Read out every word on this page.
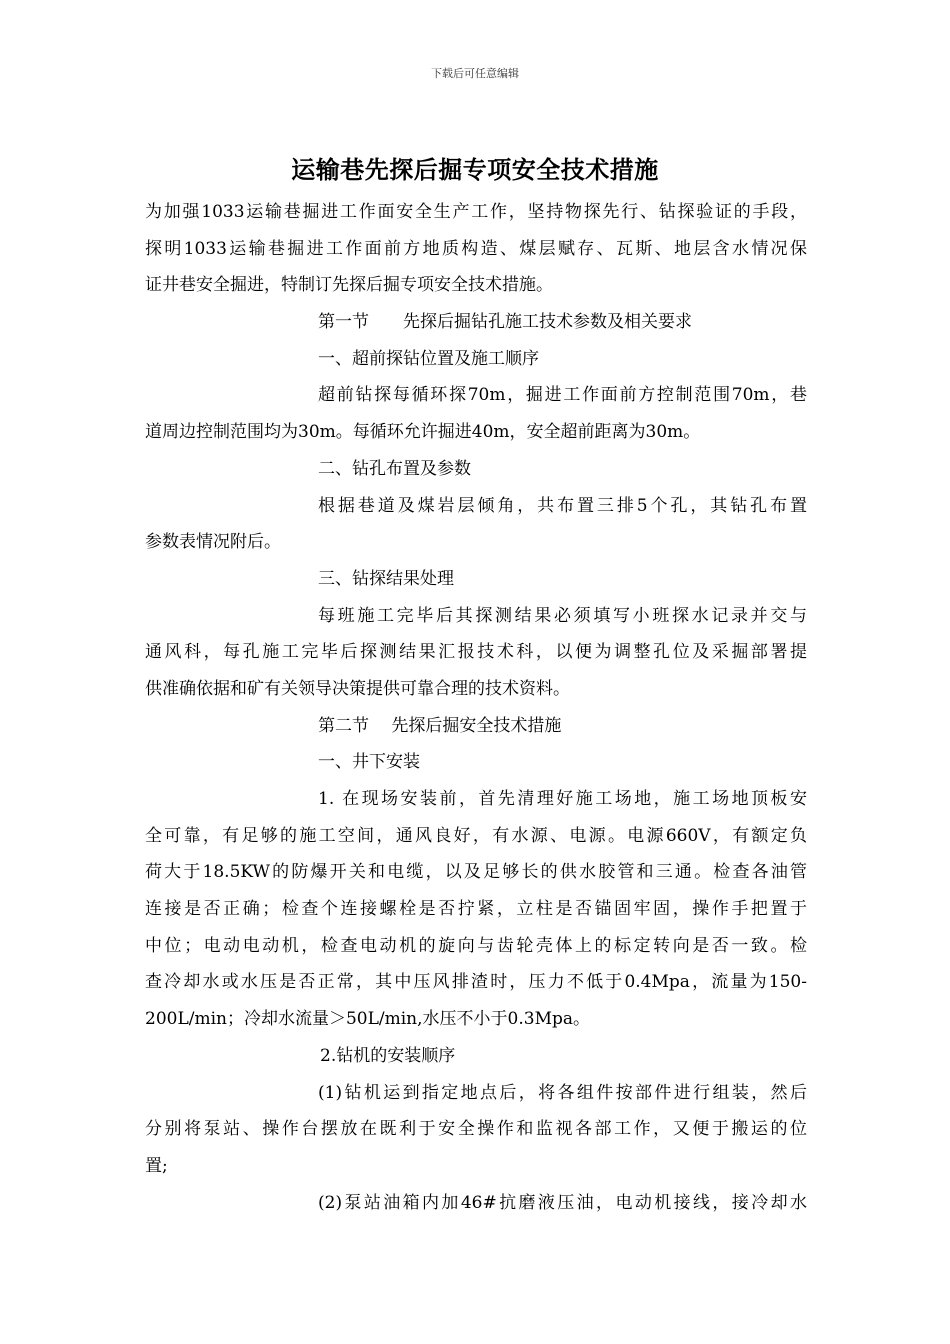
下载后可任意编辑
运输巷先探后掘专项安全技术措施
为加强1033运输巷掘进工作面安全生产工作，坚持物探先行、钻探验证的手段，
探明1033运输巷掘进工作面前方地质构造、煤层赋存、瓦斯、地层含水情况保
证井巷安全掘进，特制订先探后掘专项安全技术措施。
第一节　　先探后掘钻孔施工技术参数及相关要求
一、超前探钻位置及施工顺序
超前钻探每循环探70m，掘进工作面前方控制范围70m，巷
道周边控制范围均为30m。每循环允许掘进40m，安全超前距离为30m。
二、钻孔布置及参数
根据巷道及煤岩层倾角，共布置三排5个孔，其钻孔布置
参数表情况附后。
三、钻探结果处理
每班施工完毕后其探测结果必须填写小班探水记录并交与
通风科，每孔施工完毕后探测结果汇报技术科，以便为调整孔位及采掘部署提
供准确依据和矿有关领导决策提供可靠合理的技术资料。
第二节　 先探后掘安全技术措施
一、井下安装
1. 在现场安装前，首先清理好施工场地，施工场地顶板安
全可靠，有足够的施工空间，通风良好，有水源、电源。电源660V，有额定负
荷大于18.5KW的防爆开关和电缆，以及足够长的供水胶管和三通。检查各油管
连接是否正确；检查个连接螺栓是否拧紧，立柱是否锚固牢固，操作手把置于
中位；电动电动机，检查电动机的旋向与齿轮壳体上的标定转向是否一致。检
查冷却水或水压是否正常，其中压风排渣时，压力不低于0.4Mpa，流量为150-
200L/min；冷却水流量＞50L/min,水压不小于0.3Mpa。
2.钻机的安装顺序
(1)钻机运到指定地点后，将各组件按部件进行组装，然后
分别将泵站、操作台摆放在既利于安全操作和监视各部工作，又便于搬运的位
置;
(2)泵站油箱内加46#抗磨液压油，电动机接线，接冷却水
